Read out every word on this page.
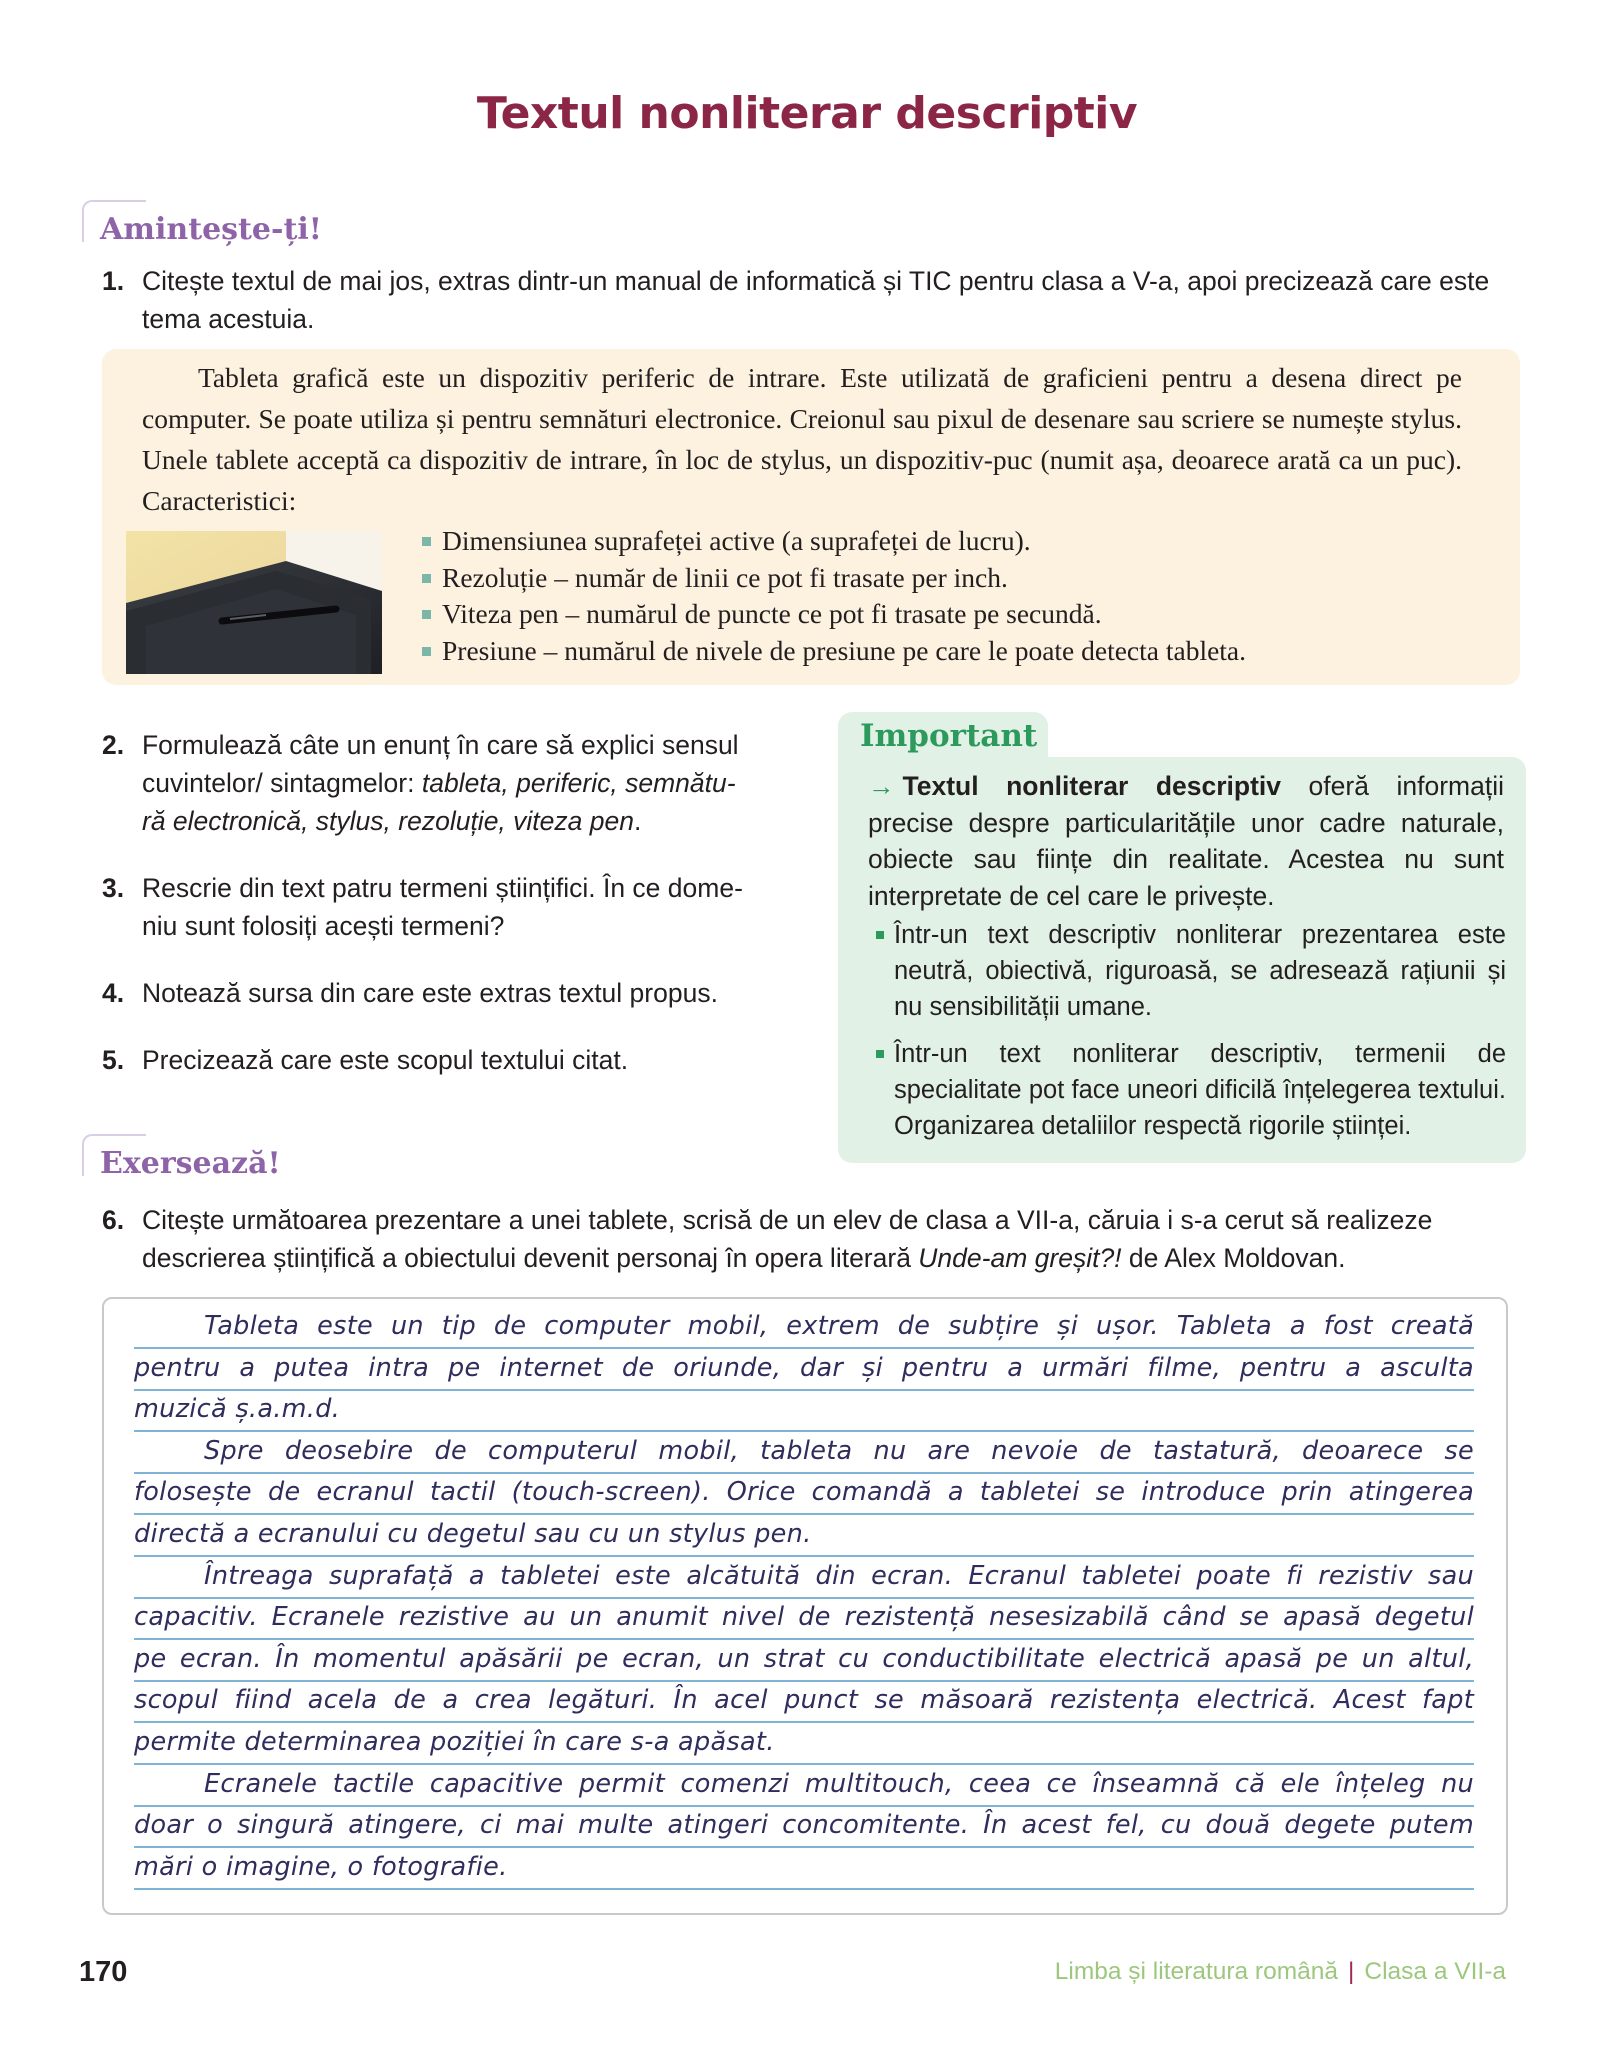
Textul nonliterar descriptiv
Amintește-ți!
1. Citește textul de mai jos, extras dintr-un manual de informatică și TIC pentru clasa a V-a, apoi precizează care este tema acestuia.

Tableta grafică este un dispozitiv periferic de intrare. Este utilizată de graficieni pentru a desena direct pe computer. Se poate utiliza și pentru semnături electronice. Creionul sau pixul de desenare sau scriere se numește stylus. Unele tablete acceptă ca dispozitiv de intrare, în loc de stylus, un dispozitiv-puc (numit așa, deoarece arată ca un puc). Caracteristici:

Dimensiunea suprafeței active (a suprafeței de lucru).
Rezoluție – număr de linii ce pot fi trasate per inch.
Viteza pen – numărul de puncte ce pot fi trasate pe secundă.
Presiune – numărul de nivele de presiune pe care le poate detecta tableta.
2. Formulează câte un enunț în care să explici sensul
cuvintelor/ sintagmelor: tableta, periferic, semnătu-
ră electronică, stylus, rezoluție, viteza pen.
3. Rescrie din text patru termeni științifici. În ce dome-
niu sunt folosiți acești termeni?
4. Notează sursa din care este extras textul propus.
5. Precizează care este scopul textului citat.
Important
→ Textul nonliterar descriptiv oferă informații precise despre particularitățile unor cadre naturale, obiecte sau ființe din realitate. Acestea nu sunt interpretate de cel care le privește.
Într-un text descriptiv nonliterar prezentarea este neutră, obiectivă, riguroasă, se adresează rațiunii și nu sensibilității umane.
Într-un text nonliterar descriptiv, termenii de specialitate pot face uneori dificilă înțelegerea textului. Organizarea detaliilor respectă rigorile științei.
Exersează!
6. Citește următoarea prezentare a unei tablete, scrisă de un elev de clasa a VII-a, căruia i s-a cerut să realizeze
descrierea științifică a obiectului devenit personaj în opera literară Unde-am greșit?! de Alex Moldovan.
Tableta este un tip de computer mobil, extrem de subțire și ușor. Tableta a fost creată
pentru a putea intra pe internet de oriunde, dar și pentru a urmări filme, pentru a asculta
muzică ș.a.m.d.
Spre deosebire de computerul mobil, tableta nu are nevoie de tastatură, deoarece se
folosește de ecranul tactil (touch-screen). Orice comandă a tabletei se introduce prin atingerea
directă a ecranului cu degetul sau cu un stylus pen.
Întreaga suprafață a tabletei este alcătuită din ecran. Ecranul tabletei poate fi rezistiv sau
capacitiv. Ecranele rezistive au un anumit nivel de rezistență nesesizabilă când se apasă degetul
pe ecran. În momentul apăsării pe ecran, un strat cu conductibilitate electrică apasă pe un altul,
scopul fiind acela de a crea legături. În acel punct se măsoară rezistența electrică. Acest fapt
permite determinarea poziției în care s-a apăsat.
Ecranele tactile capacitive permit comenzi multitouch, ceea ce înseamnă că ele înțeleg nu
doar o singură atingere, ci mai multe atingeri concomitente. În acest fel, cu două degete putem
mări o imagine, o fotografie.
170	Limba și literatura română | Clasa a VII-a
